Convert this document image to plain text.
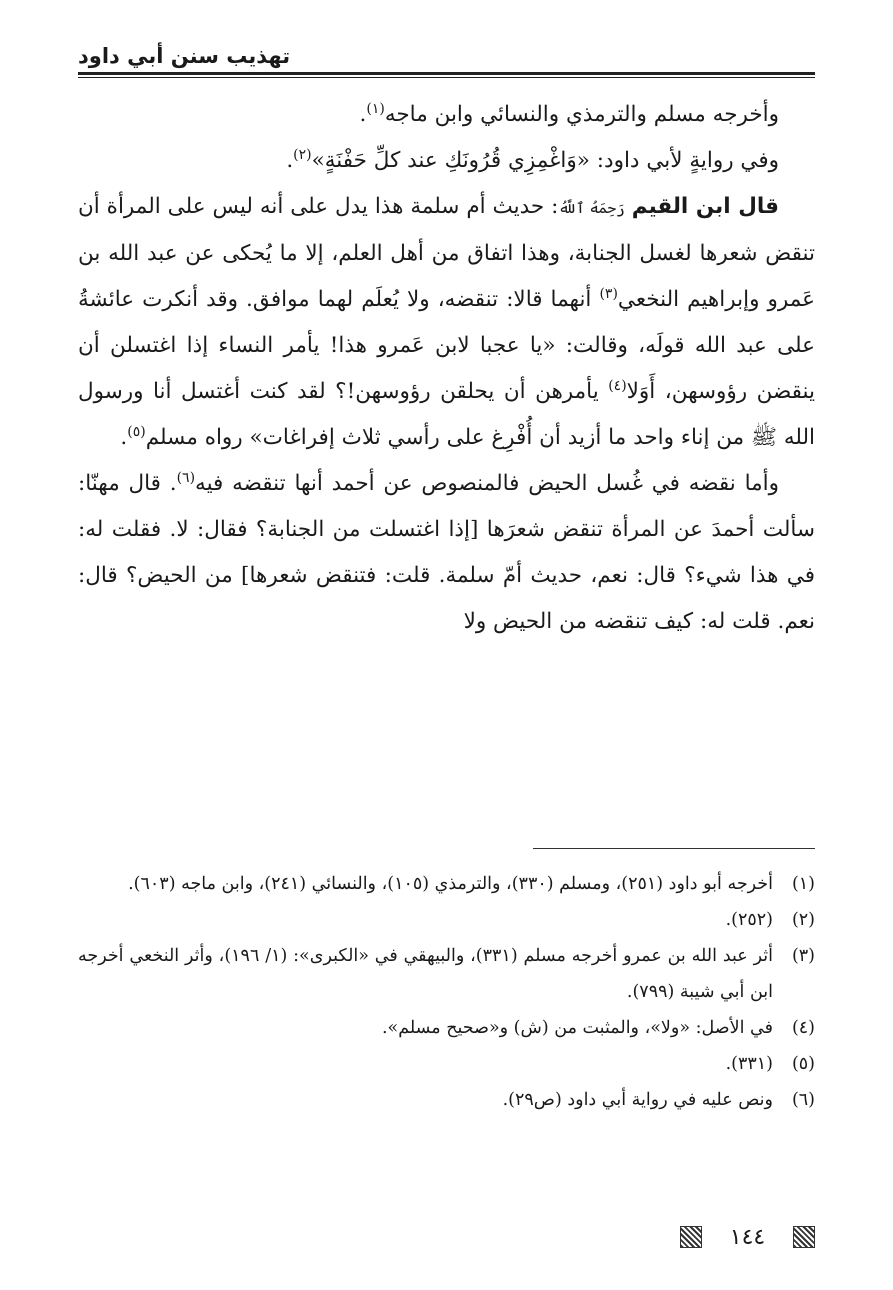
تهذيب سنن أبي داود

وأخرجه مسلم والترمذي والنسائي وابن ماجه$^{(١)}$.

وفي روايةٍ لأبي داود: «وَاغْمِزِي قُرُونَكِ عند كلِّ حَفْنَةٍ»$^{(٢)}$.

قال ابن القيم رَحِمَهُ ٱللَّهُ: حديث أم سلمة هذا يدل على أنه ليس على المرأة أن تنقض شعرها لغسل الجنابة، وهذا اتفاق من أهل العلم، إلا ما يُحكى عن عبد الله بن عَمرو وإبراهيم النخعي$^{(٣)}$ أنهما قالا: تنقضه، ولا يُعلَم لهما موافق. وقد أنكرت عائشةُ على عبد الله قولَه، وقالت: «يا عجبا لابن عَمرو هذا! يأمر النساء إذا اغتسلن أن ينقضن رؤوسهن، أَوَلا$^{(٤)}$ يأمرهن أن يحلقن رؤوسهن!؟ لقد كنت أغتسل أنا ورسول الله ﷺ من إناء واحد ما أزيد أن أُفْرِغ على رأسي ثلاث إفراغات» رواه مسلم$^{(٥)}$.

وأما نقضه في غُسل الحيض فالمنصوص عن أحمد أنها تنقضه فيه$^{(٦)}$. قال مهنّا: سألت أحمدَ عن المرأة تنقض شعرَها [إذا اغتسلت من الجنابة؟ فقال: لا. فقلت له: في هذا شيء؟ قال: نعم، حديث أمّ سلمة. قلت: فتنقض شعرها] من الحيض؟ قال: نعم. قلت له: كيف تنقضه من الحيض ولا

(١)
أخرجه أبو داود (٢٥١)، ومسلم (٣٣٠)، والترمذي (١٠٥)، والنسائي (٢٤١)، وابن ماجه (٦٠٣).
(٢)
(٢٥٢).
(٣)
أثر عبد الله بن عمرو أخرجه مسلم (٣٣١)، والبيهقي في «الكبرى»: (١/ ١٩٦)، وأثر النخعي أخرجه ابن أبي شيبة (٧٩٩).
(٤)
في الأصل: «ولا»، والمثبت من (ش) و«صحيح مسلم».
(٥)
(٣٣١).
(٦)
ونص عليه في رواية أبي داود (ص٢٩).
١٤٤
